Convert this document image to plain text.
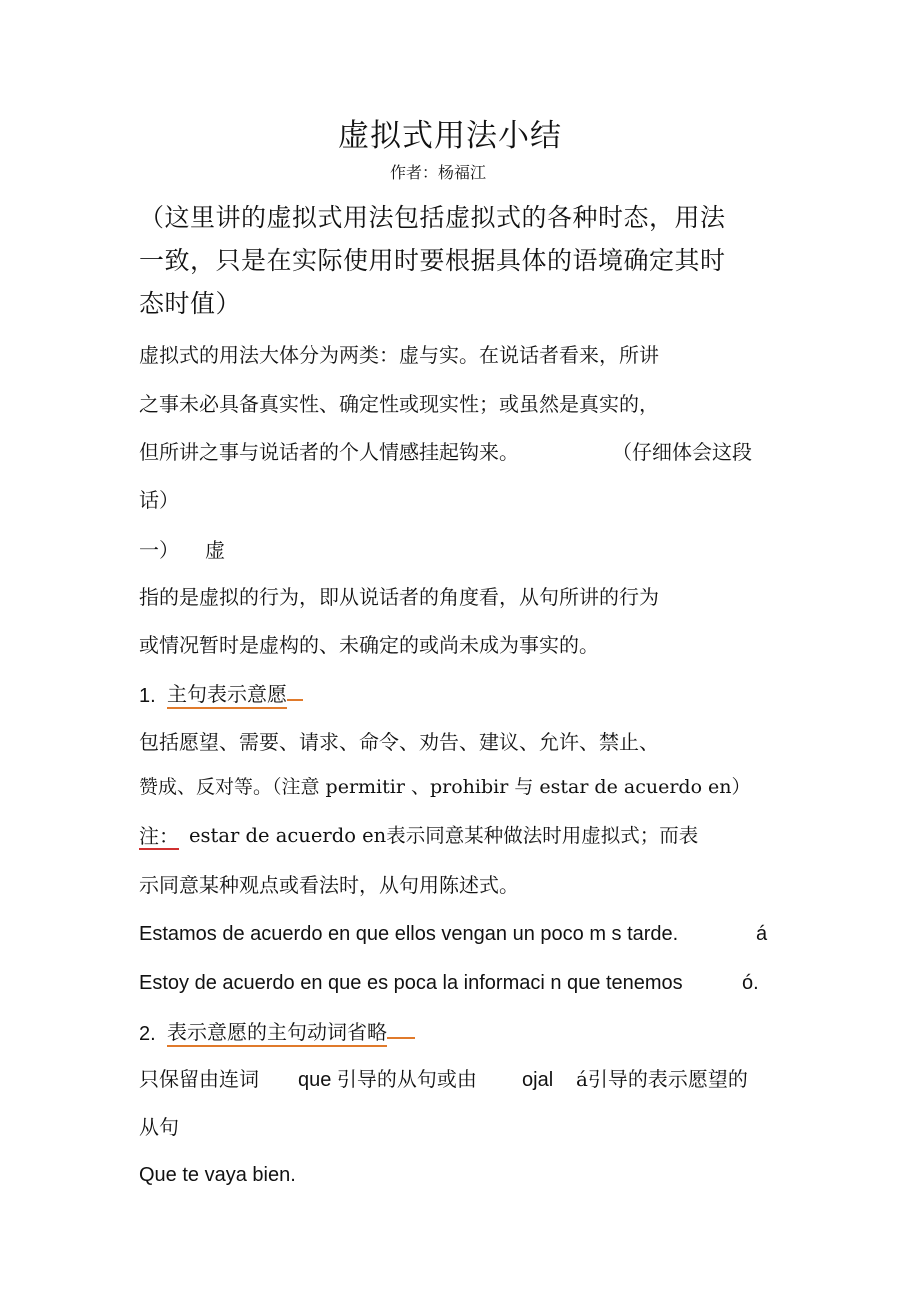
虚拟式用法小结
作者：杨福江
（这里讲的虚拟式用法包括虚拟式的各种时态，用法
一致，只是在实际使用时要根据具体的语境确定其时
态时值）
虚拟式的用法大体分为两类：虚与实。在说话者看来，所讲
之事未必具备真实性、确定性或现实性；或虽然是真实的，
但所讲之事与说话者的个人情感挂起钩来。	（仔细体会这段
话）
一） 虚
指的是虚拟的行为，即从说话者的角度看，从句所讲的行为
或情况暂时是虚构的、未确定的或尚未成为事实的。
1. 主句表示意愿
包括愿望、需要、请求、命令、劝告、建议、允许、禁止、
赞成、反对等。（注意 permitir 、prohibir 与 estar de acuerdo en）
注： estar de acuerdo en表示同意某种做法时用虚拟式；而表
示同意某种观点或看法时，从句用陈述式。
Estamos de acuerdo en que ellos vengan un poco m s tarde.	á
Estoy de acuerdo en que es poca la informaci n que tenemos	ó.
2. 表示意愿的主句动词省略
只保留由连词 que 引导的从句或由 ojal á引导的表示愿望的
从句
Que te vaya bien.
